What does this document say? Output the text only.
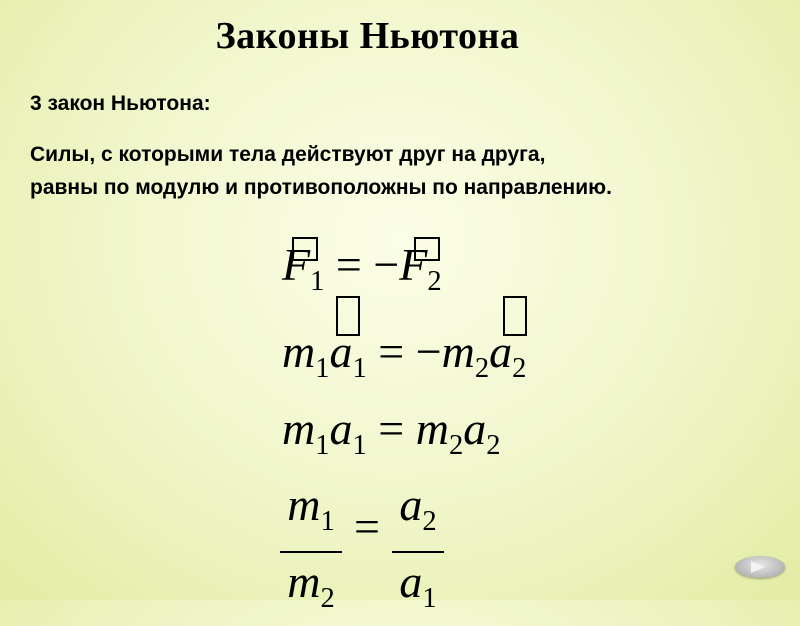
Законы Ньютона
3 закон Ньютона:
Силы, с которыми тела действуют друг на друга,
равны по модулю и противоположны по направлению.
$F_1 = -F_2$
$m_1a_1 = -m_2a_2$
$m_1a_1 = m_2a_2$
$m_1$
$m_2$
= $a_2$
$a_1$
